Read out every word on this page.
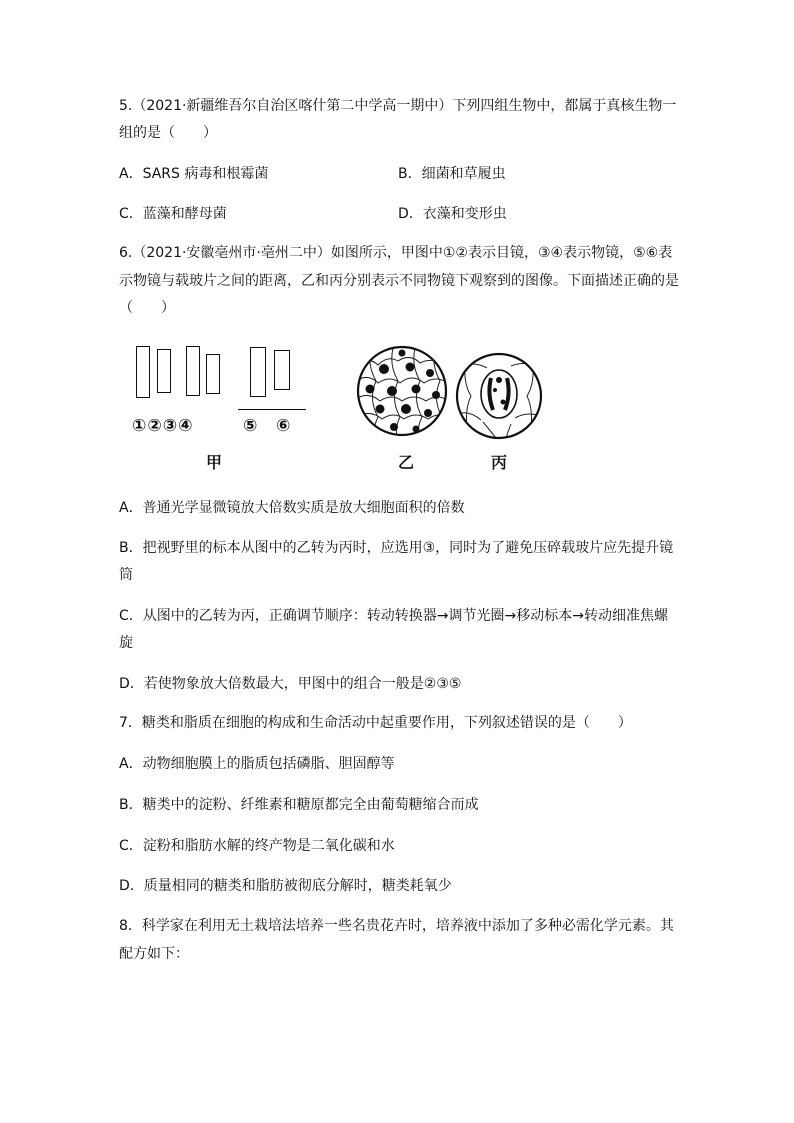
5.（2021·新疆维吾尔自治区喀什第二中学高一期中）下列四组生物中，都属于真核生物一
组的是（　　）
A．SARS 病毒和根霉菌	B．细菌和草履虫
C．蓝藻和酵母菌	D．衣藻和变形虫
6.（2021·安徽亳州市·亳州二中）如图所示，甲图中①②表示目镜，③④表示物镜，⑤⑥表
示物镜与载玻片之间的距离，乙和丙分别表示不同物镜下观察到的图像。下面描述正确的是
（　　）
①②③④	⑤ ⑥
甲	乙	丙
A．普通光学显微镜放大倍数实质是放大细胞面积的倍数
B．把视野里的标本从图中的乙转为丙时，应选用③，同时为了避免压碎载玻片应先提升镜
筒
C．从图中的乙转为丙，正确调节顺序：转动转换器→调节光圈→移动标本→转动细准焦螺
旋
D．若使物象放大倍数最大，甲图中的组合一般是②③⑤
7．糖类和脂质在细胞的构成和生命活动中起重要作用，下列叙述错误的是（　　）
A．动物细胞膜上的脂质包括磷脂、胆固醇等
B．糖类中的淀粉、纤维素和糖原都完全由葡萄糖缩合而成
C．淀粉和脂肪水解的终产物是二氧化碳和水
D．质量相同的糖类和脂肪被彻底分解时，糖类耗氧少
8．科学家在利用无土栽培法培养一些名贵花卉时，培养液中添加了多种必需化学元素。其
配方如下：
